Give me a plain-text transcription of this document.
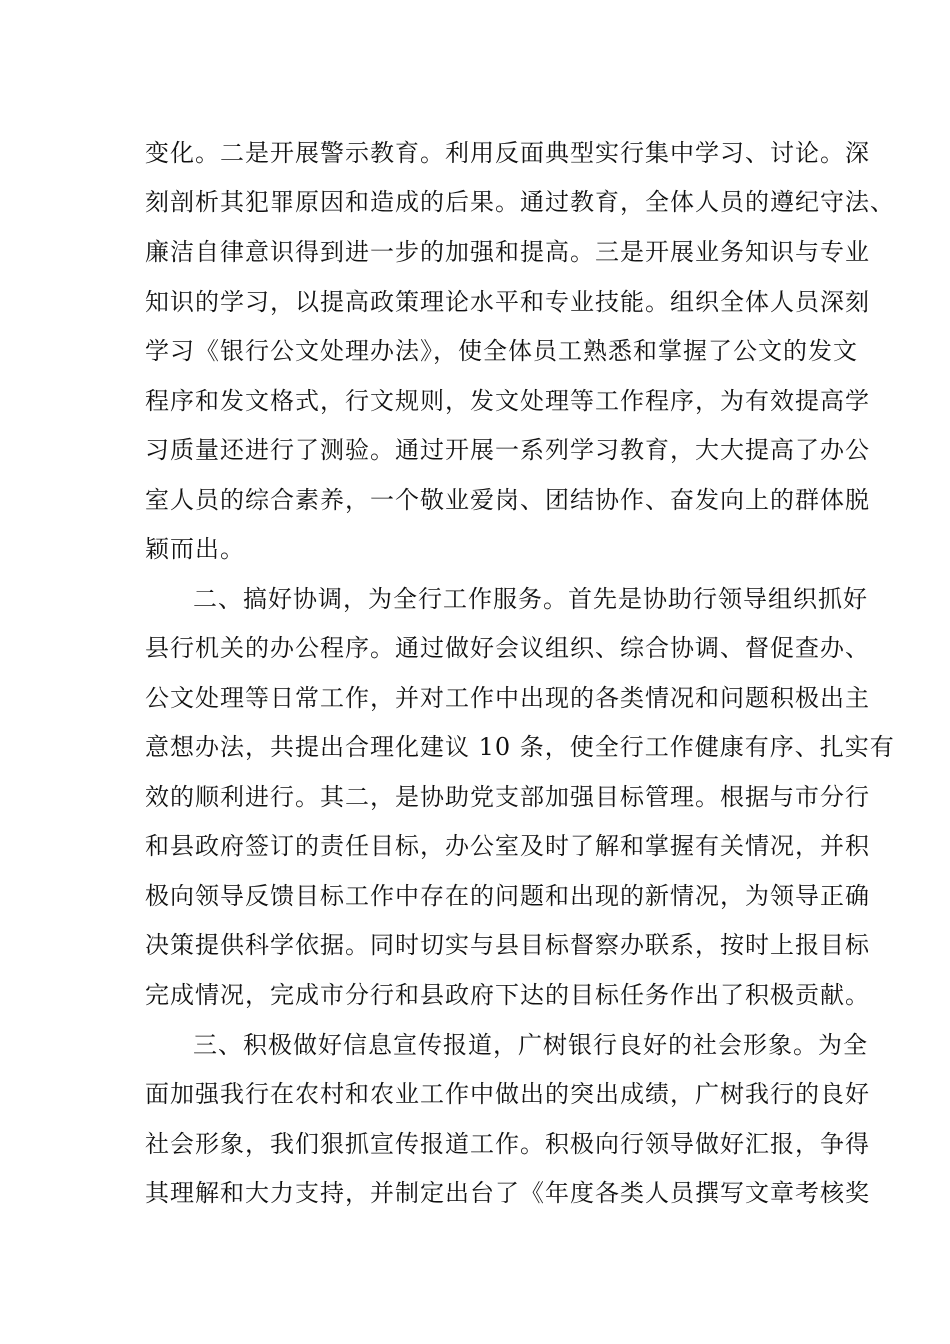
变化。二是开展警示教育。利用反面典型实行集中学习、讨论。深
刻剖析其犯罪原因和造成的后果。通过教育，全体人员的遵纪守法、
廉洁自律意识得到进一步的加强和提高。三是开展业务知识与专业
知识的学习，以提高政策理论水平和专业技能。组织全体人员深刻
学习《银行公文处理办法》，使全体员工熟悉和掌握了公文的发文
程序和发文格式，行文规则，发文处理等工作程序，为有效提高学
习质量还进行了测验。通过开展一系列学习教育，大大提高了办公
室人员的综合素养，一个敬业爱岗、团结协作、奋发向上的群体脱
颖而出。
二、搞好协调，为全行工作服务。首先是协助行领导组织抓好
县行机关的办公程序。通过做好会议组织、综合协调、督促查办、
公文处理等日常工作，并对工作中出现的各类情况和问题积极出主
意想办法，共提出合理化建议 10 条，使全行工作健康有序、扎实有
效的顺利进行。其二，是协助党支部加强目标管理。根据与市分行
和县政府签订的责任目标，办公室及时了解和掌握有关情况，并积
极向领导反馈目标工作中存在的问题和出现的新情况，为领导正确
决策提供科学依据。同时切实与县目标督察办联系，按时上报目标
完成情况，完成市分行和县政府下达的目标任务作出了积极贡献。
三、积极做好信息宣传报道，广树银行良好的社会形象。为全
面加强我行在农村和农业工作中做出的突出成绩，广树我行的良好
社会形象，我们狠抓宣传报道工作。积极向行领导做好汇报，争得
其理解和大力支持，并制定出台了《年度各类人员撰写文章考核奖
